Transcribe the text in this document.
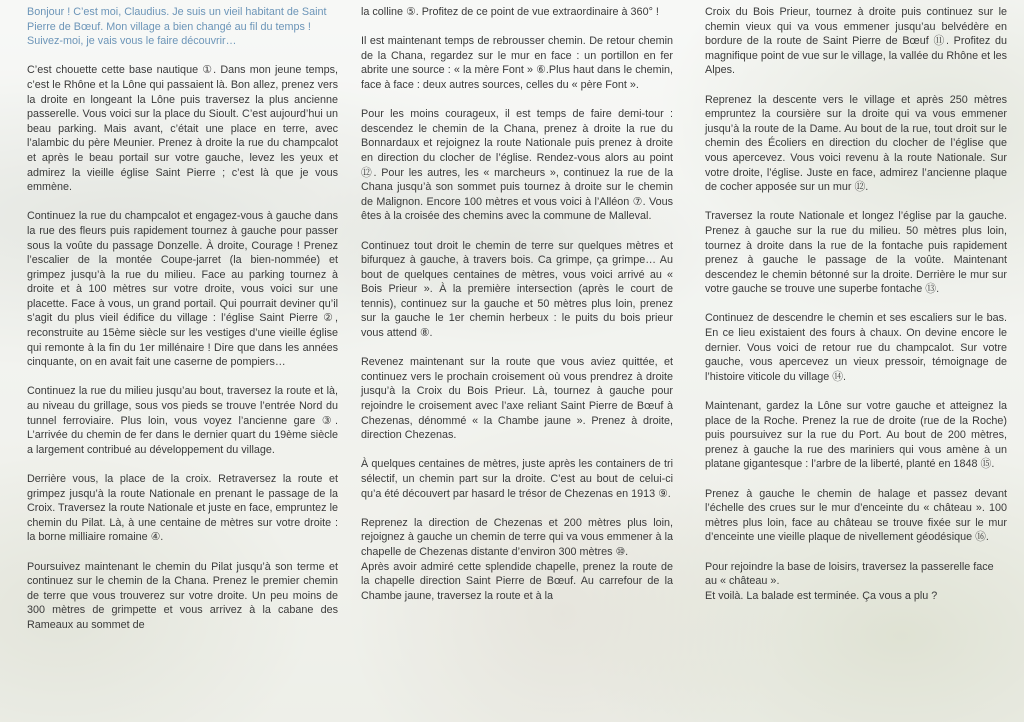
Bonjour ! C’est moi, Claudius. Je suis un vieil habitant de Saint Pierre de Bœuf. Mon village a bien changé au fil du temps ! Suivez-moi, je vais vous le faire découvrir…

C’est chouette cette base nautique ①. Dans mon jeune temps, c’est le Rhône et la Lône qui passaient là. Bon allez, prenez vers la droite en longeant la Lône puis traversez la plus ancienne passerelle. Vous voici sur la place du Sioult. C’est aujourd’hui un beau parking. Mais avant, c’était une place en terre, avec l’alambic du père Meunier. Prenez à droite la rue du champcalot et après le beau portail sur votre gauche, levez les yeux et admirez la vieille église Saint Pierre ; c’est là que je vous emmène.

Continuez la rue du champcalot et engagez-vous à gauche dans la rue des fleurs puis rapidement tournez à gauche pour passer sous la voûte du passage Donzelle. À droite, Courage ! Prenez l’escalier de la montée Coupe-jarret (la bien-nommée) et grimpez jusqu’à la rue du milieu. Face au parking tournez à droite et à 100 mètres sur votre droite, vous voici sur une placette. Face à vous, un grand portail. Qui pourrait deviner qu’il s’agit du plus vieil édifice du village : l’église Saint Pierre ②, reconstruite au 15ème siècle sur les vestiges d’une vieille église qui remonte à la fin du 1er millénaire ! Dire que dans les années cinquante, on en avait fait une caserne de pompiers…

Continuez la rue du milieu jusqu’au bout, traversez la route et là, au niveau du grillage, sous vos pieds se trouve l’entrée Nord du tunnel ferroviaire. Plus loin, vous voyez l’ancienne gare ③. L’arrivée du chemin de fer dans le dernier quart du 19ème siècle a largement contribué au développement du village.

Derrière vous, la place de la croix. Retraversez la route et grimpez jusqu’à la route Nationale en prenant le passage de la Croix. Traversez la route Nationale et juste en face, empruntez le chemin du Pilat. Là, à une centaine de mètres sur votre droite : la borne milliaire romaine ④.

Poursuivez maintenant le chemin du Pilat jusqu’à son terme et continuez sur le chemin de la Chana. Prenez le premier chemin de terre que vous trouverez sur votre droite. Un peu moins de 300 mètres de grimpette et vous arrivez à la cabane des Rameaux au sommet de

la colline ⑤. Profitez de ce point de vue extraordinaire à 360° !

Il est maintenant temps de rebrousser chemin. De retour chemin de la Chana, regardez sur le mur en face : un portillon en fer abrite une source : « la mère Font » ⑥.Plus haut dans le chemin, face à face : deux autres sources, celles du « père Font ».

Pour les moins courageux, il est temps de faire demi-tour : descendez le chemin de la Chana, prenez à droite la rue du Bonnardaux et rejoignez la route Nationale puis prenez à droite en direction du clocher de l’église. Rendez-vous alors au point ⑫. Pour les autres, les « marcheurs », continuez la rue de la Chana jusqu’à son sommet puis tournez à droite sur le chemin de Malignon. Encore 100 mètres et vous voici à l’Alléon ⑦. Vous êtes à la croisée des chemins avec la commune de Malleval.

Continuez tout droit le chemin de terre sur quelques mètres et bifurquez à gauche, à travers bois. Ca grimpe, ça grimpe… Au bout de quelques centaines de mètres, vous voici arrivé au « Bois Prieur ». À la première intersection (après le court de tennis), continuez sur la gauche et 50 mètres plus loin, prenez sur la gauche le 1er chemin herbeux : le puits du bois prieur vous attend ⑧.

Revenez maintenant sur la route que vous aviez quittée, et continuez vers le prochain croisement où vous prendrez à droite jusqu’à la Croix du Bois Prieur. Là, tournez à gauche pour rejoindre le croisement avec l’axe reliant Saint Pierre de Bœuf à Chezenas, dénommé « la Chambe jaune ». Prenez à droite, direction Chezenas.

À quelques centaines de mètres, juste après les containers de tri sélectif, un chemin part sur la droite. C’est au bout de celui-ci qu’a été découvert par hasard le trésor de Chezenas en 1913 ⑨.

Reprenez la direction de Chezenas et 200 mètres plus loin, rejoignez à gauche un chemin de terre qui va vous emmener à la chapelle de Chezenas distante d’environ 300 mètres ⑩.

Après avoir admiré cette splendide chapelle, prenez la route de la chapelle direction Saint Pierre de Bœuf. Au carrefour de la Chambe jaune, traversez la route et à la

Croix du Bois Prieur, tournez à droite puis continuez sur le chemin vieux qui va vous emmener jusqu’au belvédère en bordure de la route de Saint Pierre de Bœuf ⑪. Profitez du magnifique point de vue sur le village, la vallée du Rhône et les Alpes.

Reprenez la descente vers le village et après 250 mètres empruntez la coursière sur la droite qui va vous emmener jusqu’à la route de la Dame. Au bout de la rue, tout droit sur le chemin des Écoliers en direction du clocher de l’église que vous apercevez. Vous voici revenu à la route Nationale. Sur votre droite, l’église. Juste en face, admirez l’ancienne plaque de cocher apposée sur un mur ⑫.

Traversez la route Nationale et longez l’église par la gauche. Prenez à gauche sur la rue du milieu. 50 mètres plus loin, tournez à droite dans la rue de la fontache puis rapidement prenez à gauche le passage de la voûte. Maintenant descendez le chemin bétonné sur la droite. Derrière le mur sur votre gauche se trouve une superbe fontache ⑬.

Continuez de descendre le chemin et ses escaliers sur le bas. En ce lieu existaient des fours à chaux. On devine encore le dernier. Vous voici de retour rue du champcalot. Sur votre gauche, vous apercevez un vieux pressoir, témoignage de l’histoire viticole du village ⑭.

Maintenant, gardez la Lône sur votre gauche et atteignez la place de la Roche. Prenez la rue de droite (rue de la Roche) puis poursuivez sur la rue du Port. Au bout de 200 mètres, prenez à gauche la rue des mariniers qui vous amène à un platane gigantesque : l’arbre de la liberté, planté en 1848 ⑮.

Prenez à gauche le chemin de halage et passez devant l’échelle des crues sur le mur d’enceinte du « château ». 100 mètres plus loin, face au château se trouve fixée sur le mur d’enceinte une vieille plaque de nivellement géodésique ⑯.

Pour rejoindre la base de loisirs, traversez la passerelle face au « château ».

Et voilà. La balade est terminée. Ça vous a plu ?
